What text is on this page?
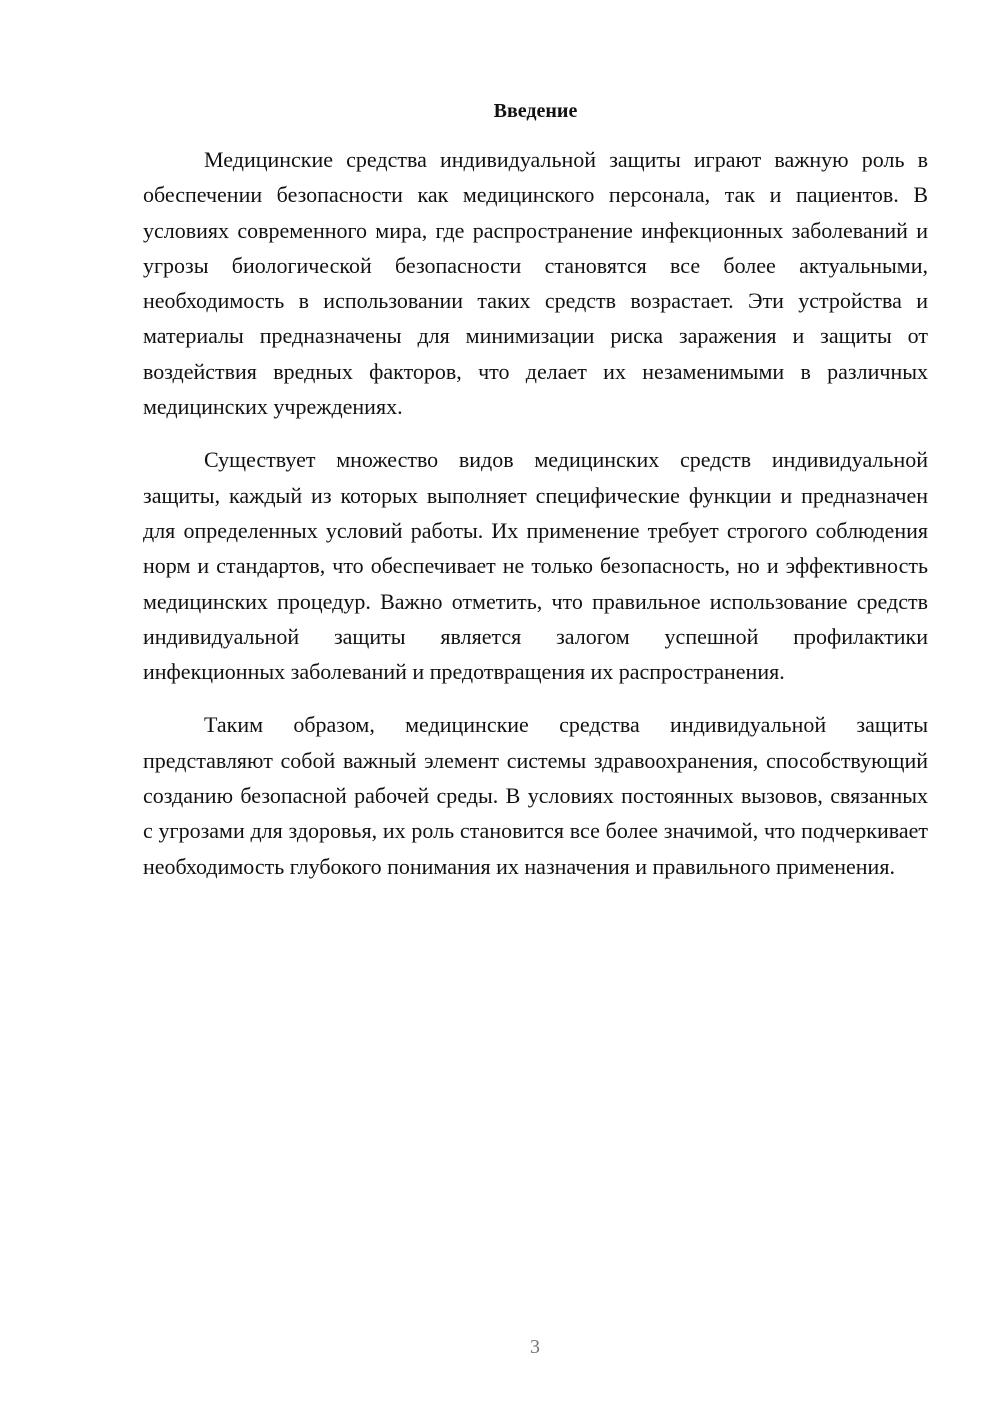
Введение

Медицинские средства индивидуальной защиты играют важную роль в обеспечении безопасности как медицинского персонала, так и пациентов. В условиях современного мира, где распространение инфекционных заболеваний и угрозы биологической безопасности становятся все более актуальными, необходимость в использовании таких средств возрастает. Эти устройства и материалы предназначены для минимизации риска заражения и защиты от воздействия вредных факторов, что делает их незаменимыми в различных медицинских учреждениях.

Существует множество видов медицинских средств индивидуальной защиты, каждый из которых выполняет специфические функции и предназначен для определенных условий работы. Их применение требует строгого соблюдения норм и стандартов, что обеспечивает не только безопасность, но и эффективность медицинских процедур. Важно отметить, что правильное использование средств индивидуальной защиты является залогом успешной профилактики инфекционных заболеваний и предотвращения их распространения.

Таким образом, медицинские средства индивидуальной защиты представляют собой важный элемент системы здравоохранения, способствующий созданию безопасной рабочей среды. В условиях постоянных вызовов, связанных с угрозами для здоровья, их роль становится все более значимой, что подчеркивает необходимость глубокого понимания их назначения и правильного применения.

3
